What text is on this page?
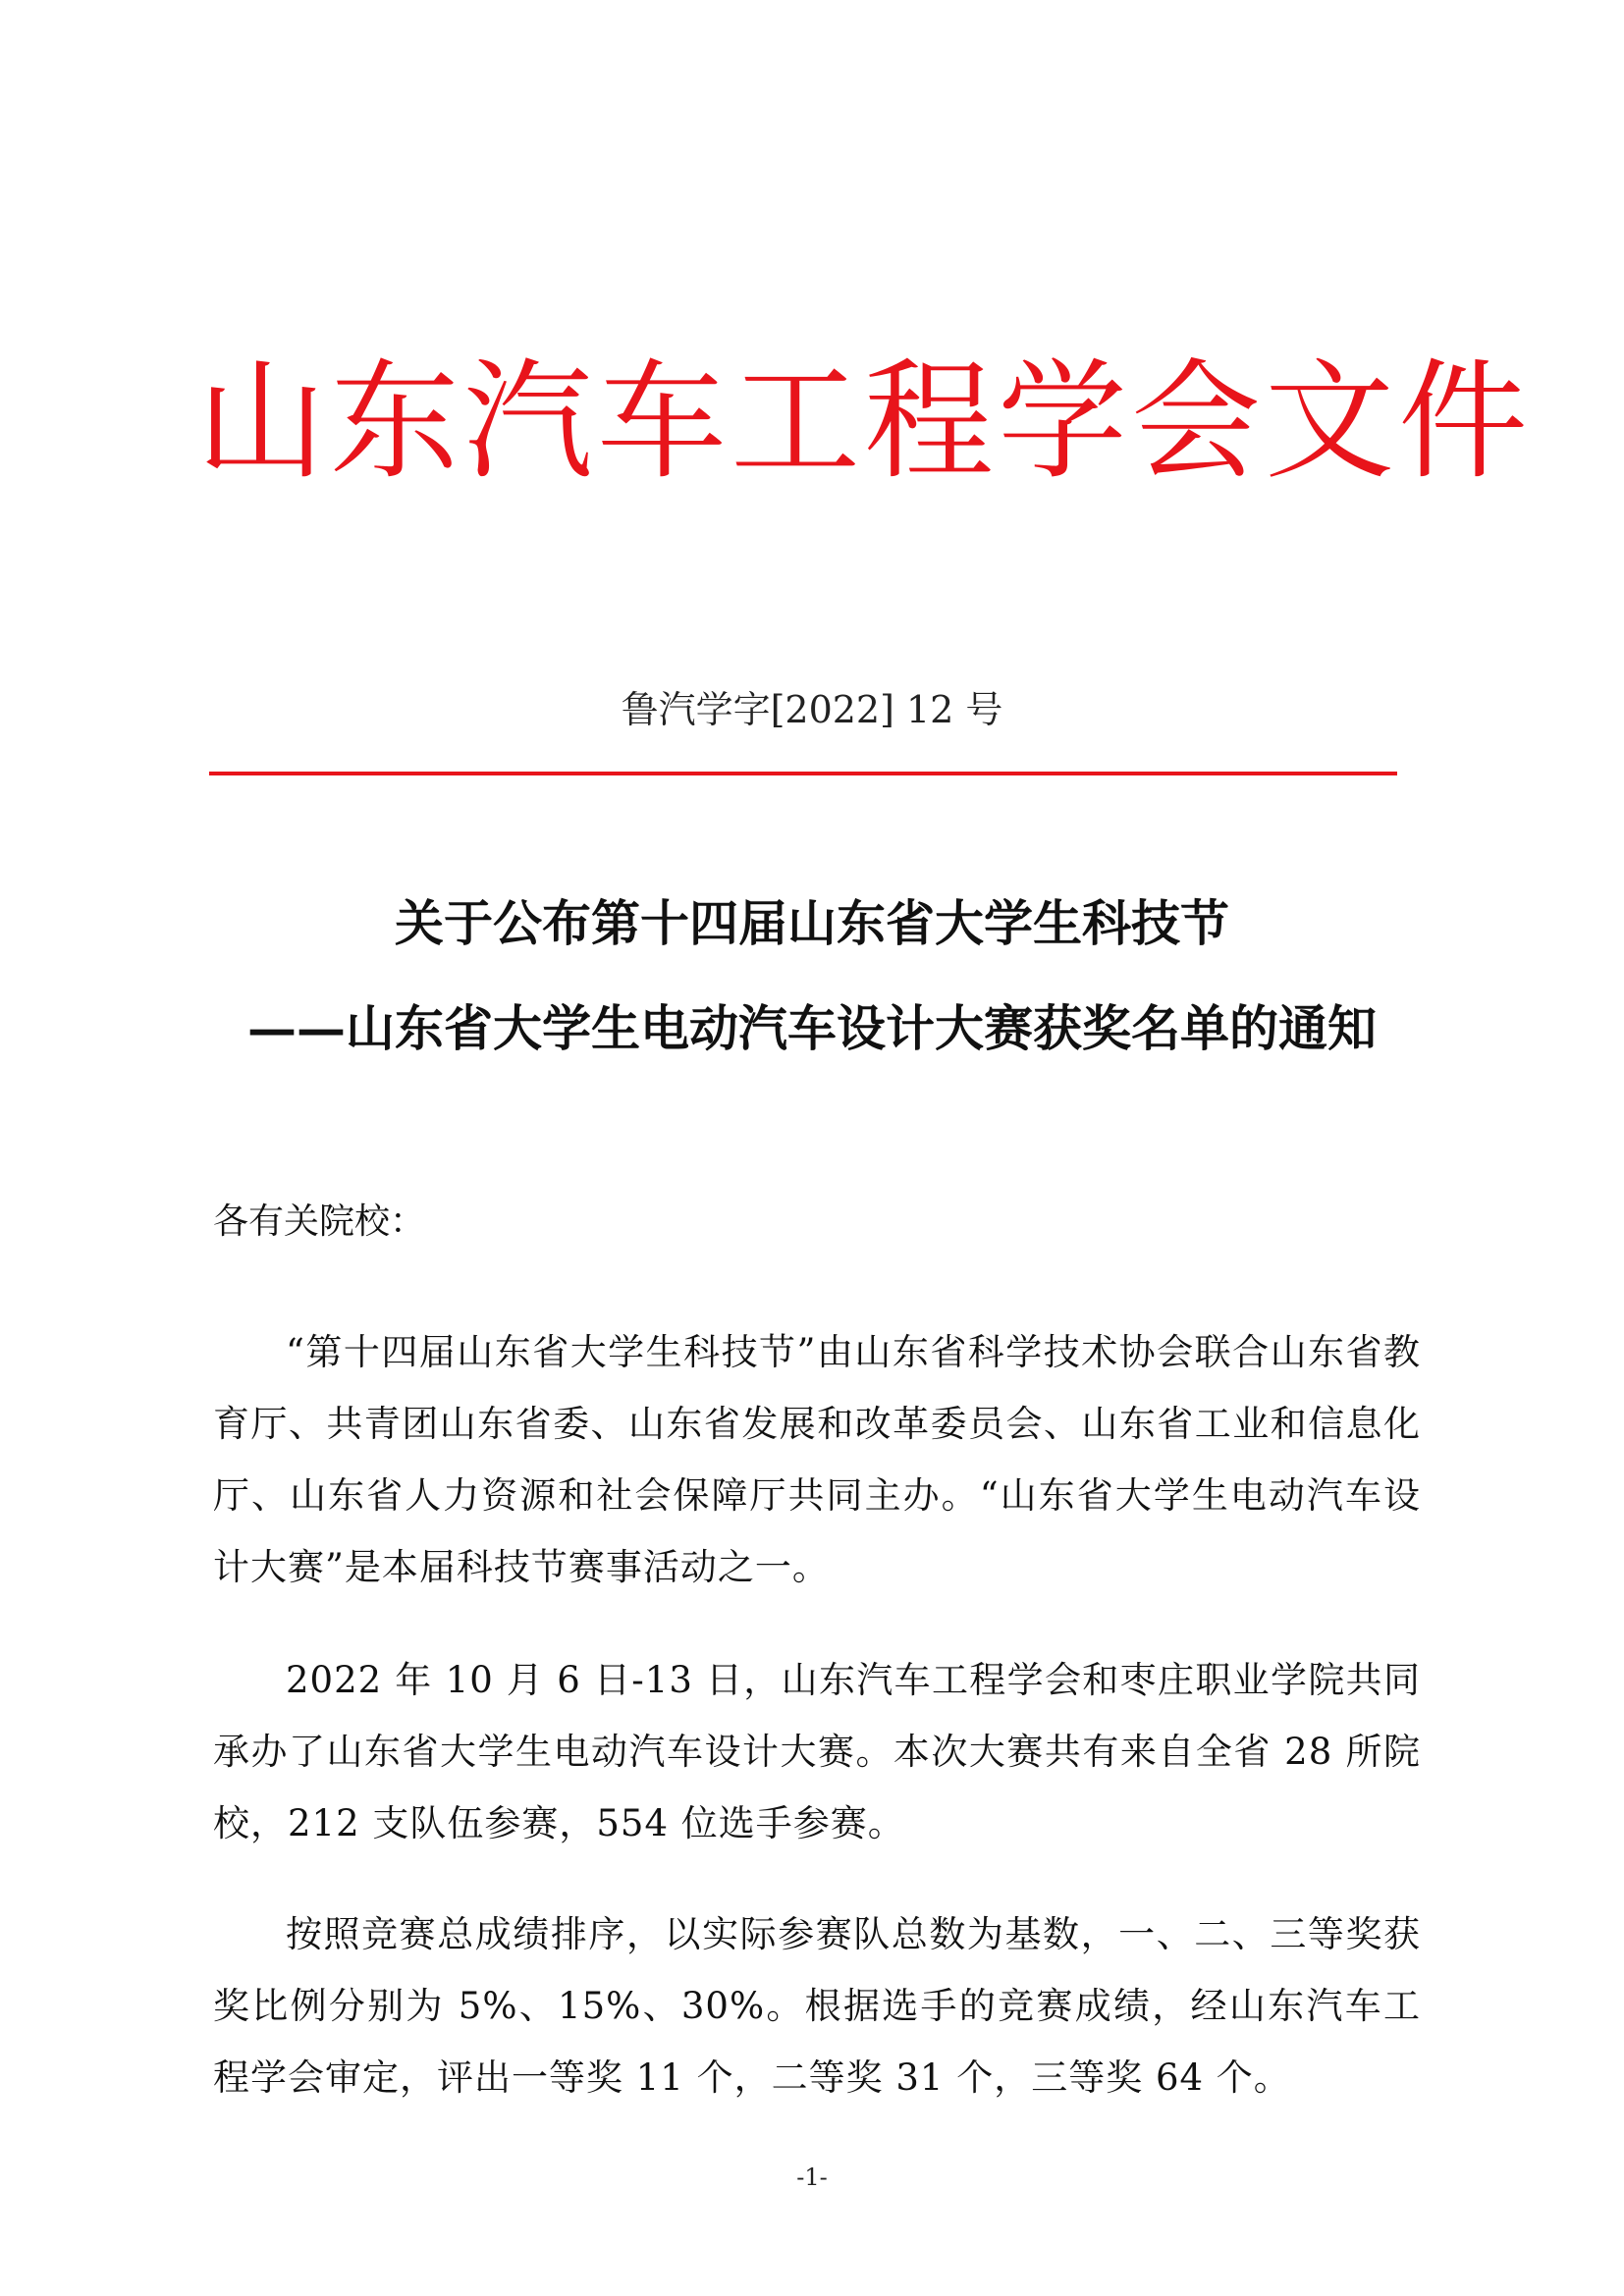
山东汽车工程学会文件
鲁汽学字[2022] 12 号
关于公布第十四届山东省大学生科技节
——山东省大学生电动汽车设计大赛获奖名单的通知
各有关院校：

“第十四届山东省大学生科技节”由山东省科学技术协会联合山东省教育厅、共青团山东省委、山东省发展和改革委员会、山东省工业和信息化厅、山东省人力资源和社会保障厅共同主办。“山东省大学生电动汽车设计大赛”是本届科技节赛事活动之一。

2022 年 10 月 6 日-13 日，山东汽车工程学会和枣庄职业学院共同承办了山东省大学生电动汽车设计大赛。本次大赛共有来自全省 28 所院校，212 支队伍参赛，554 位选手参赛。

按照竞赛总成绩排序，以实际参赛队总数为基数，一、二、三等奖获奖比例分别为 5%、15%、30%。根据选手的竞赛成绩，经山东汽车工程学会审定，评出一等奖 11 个，二等奖 31 个，三等奖 64 个。

-1-
